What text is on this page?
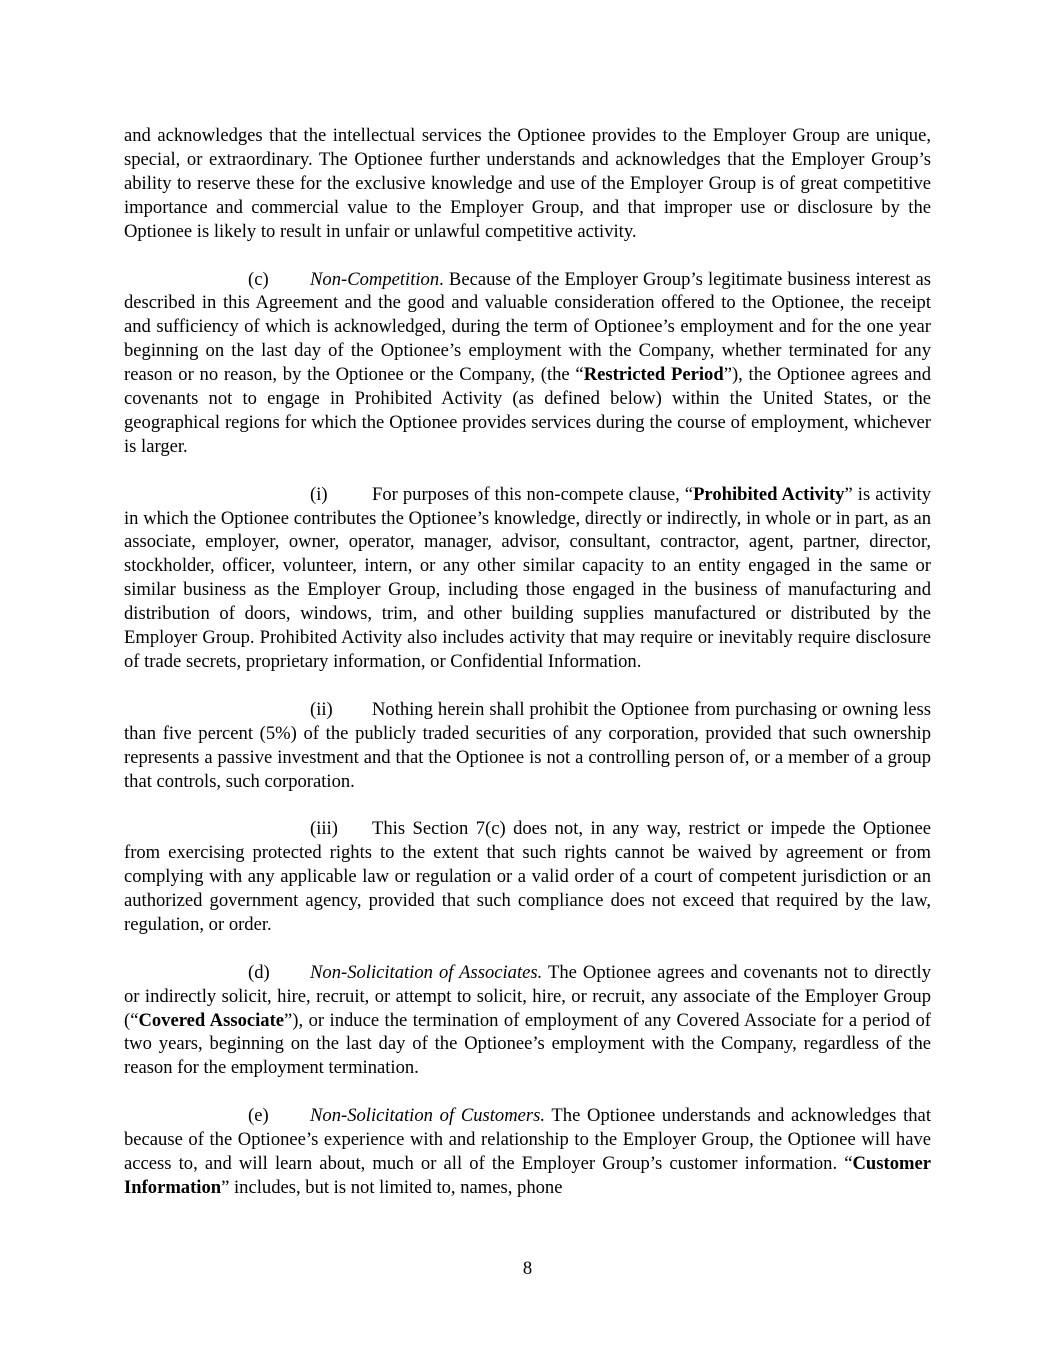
and acknowledges that the intellectual services the Optionee provides to the Employer Group are unique, special, or extraordinary. The Optionee further understands and acknowledges that the Employer Group’s ability to reserve these for the exclusive knowledge and use of the Employer Group is of great competitive importance and commercial value to the Employer Group, and that improper use or disclosure by the Optionee is likely to result in unfair or unlawful competitive activity.

(c) Non-Competition. Because of the Employer Group’s legitimate business interest as described in this Agreement and the good and valuable consideration offered to the Optionee, the receipt and sufficiency of which is acknowledged, during the term of Optionee’s employment and for the one year beginning on the last day of the Optionee’s employment with the Company, whether terminated for any reason or no reason, by the Optionee or the Company, (the “Restricted Period”), the Optionee agrees and covenants not to engage in Prohibited Activity (as defined below) within the United States, or the geographical regions for which the Optionee provides services during the course of employment, whichever is larger.

(i) For purposes of this non-compete clause, “Prohibited Activity” is activity in which the Optionee contributes the Optionee’s knowledge, directly or indirectly, in whole or in part, as an associate, employer, owner, operator, manager, advisor, consultant, contractor, agent, partner, director, stockholder, officer, volunteer, intern, or any other similar capacity to an entity engaged in the same or similar business as the Employer Group, including those engaged in the business of manufacturing and distribution of doors, windows, trim, and other building supplies manufactured or distributed by the Employer Group. Prohibited Activity also includes activity that may require or inevitably require disclosure of trade secrets, proprietary information, or Confidential Information.

(ii) Nothing herein shall prohibit the Optionee from purchasing or owning less than five percent (5%) of the publicly traded securities of any corporation, provided that such ownership represents a passive investment and that the Optionee is not a controlling person of, or a member of a group that controls, such corporation.

(iii) This Section 7(c) does not, in any way, restrict or impede the Optionee from exercising protected rights to the extent that such rights cannot be waived by agreement or from complying with any applicable law or regulation or a valid order of a court of competent jurisdiction or an authorized government agency, provided that such compliance does not exceed that required by the law, regulation, or order.

(d) Non-Solicitation of Associates. The Optionee agrees and covenants not to directly or indirectly solicit, hire, recruit, or attempt to solicit, hire, or recruit, any associate of the Employer Group (“Covered Associate”), or induce the termination of employment of any Covered Associate for a period of two years, beginning on the last day of the Optionee’s employment with the Company, regardless of the reason for the employment termination.

(e) Non-Solicitation of Customers. The Optionee understands and acknowledges that because of the Optionee’s experience with and relationship to the Employer Group, the Optionee will have access to, and will learn about, much or all of the Employer Group’s customer information. “Customer Information” includes, but is not limited to, names, phone

8
